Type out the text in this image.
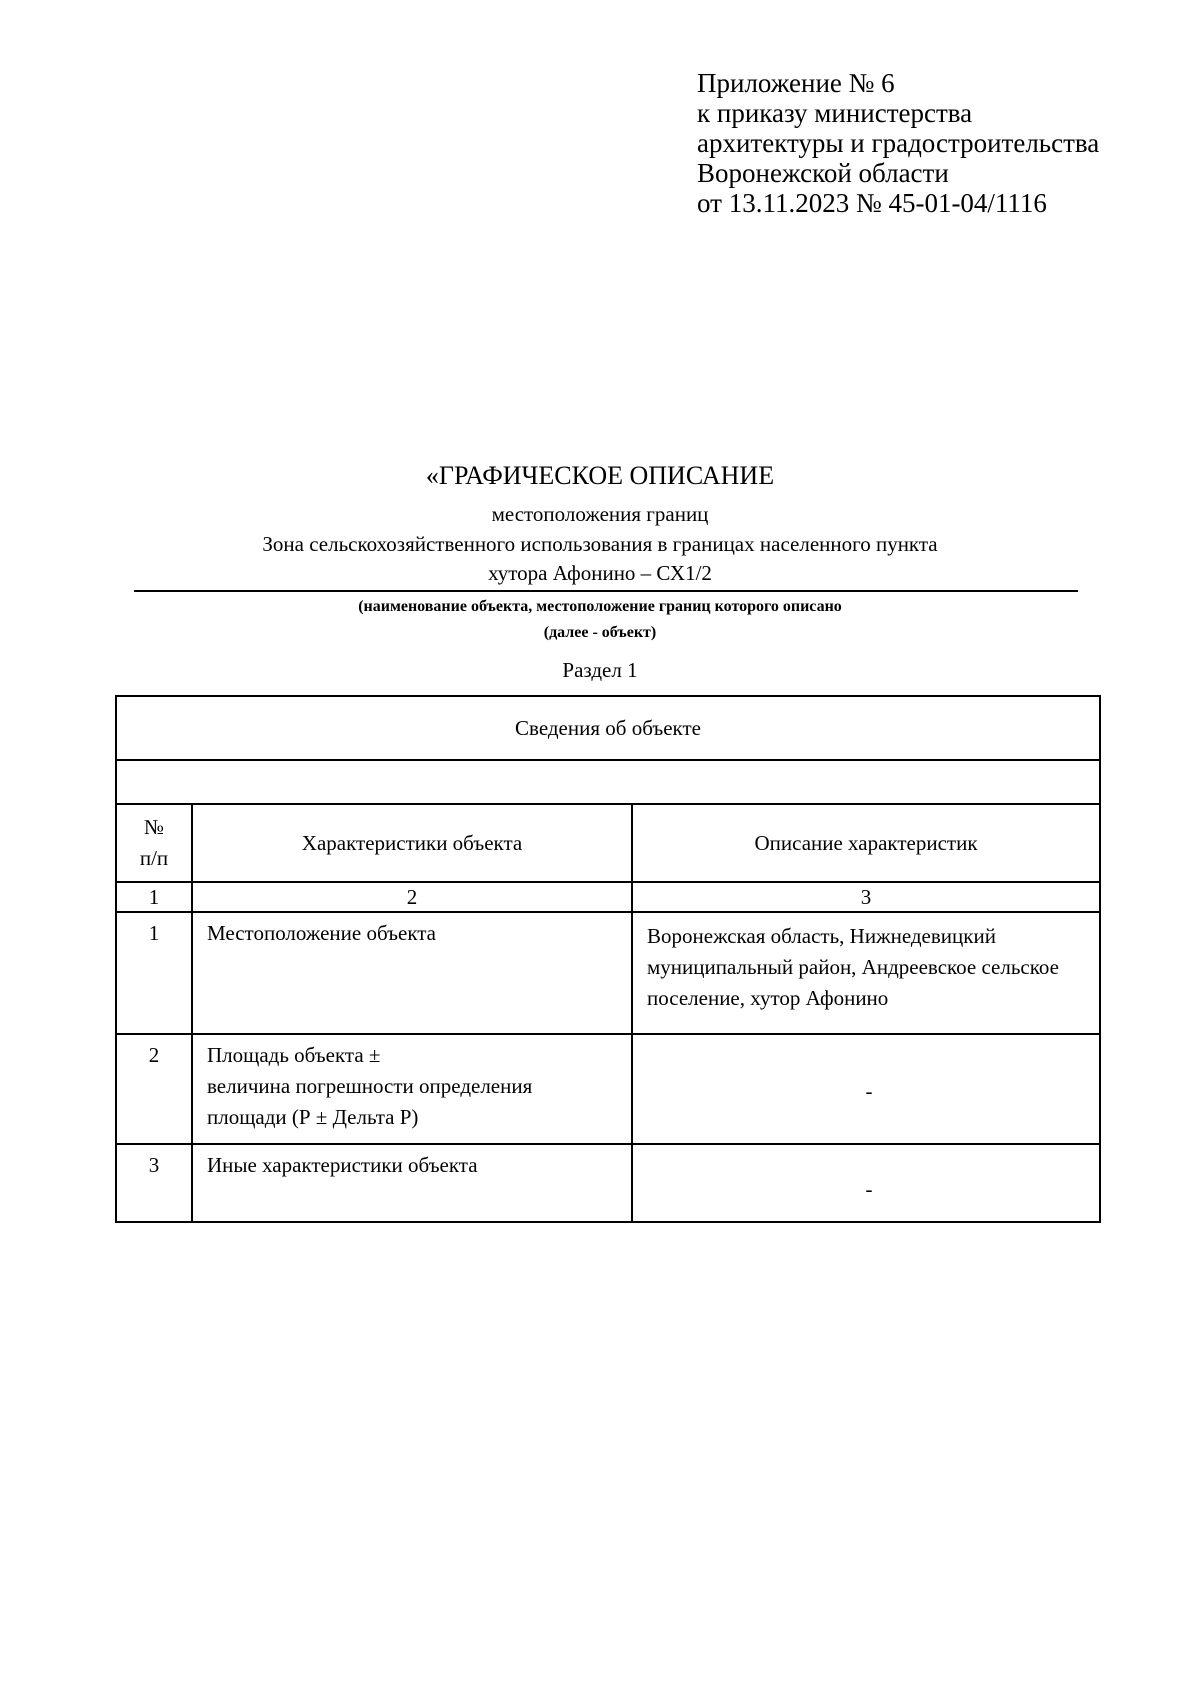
Приложение № 6
к приказу министерства
архитектуры и градостроительства
Воронежской области
от 13.11.2023 № 45-01-04/1116
«ГРАФИЧЕСКОЕ ОПИСАНИЕ
местоположения границ
Зона сельскохозяйственного использования в границах населенного пункта
хутора Афонино – СХ1/2
(наименование объекта, местоположение границ которого описано
(далее - объект)
Раздел 1
Сведения об объекте		

№
п/п	Характеристики объекта	Описание характеристик
1	2	3
1	Местоположение объекта	Воронежская область, Нижнедевицкий муниципальный район, Андреевское сельское поселение, хутор Афонино
2	Площадь объекта ±
величина погрешности определения
площади (Р ± Дельта Р)	-
3	Иные характеристики объекта	-
